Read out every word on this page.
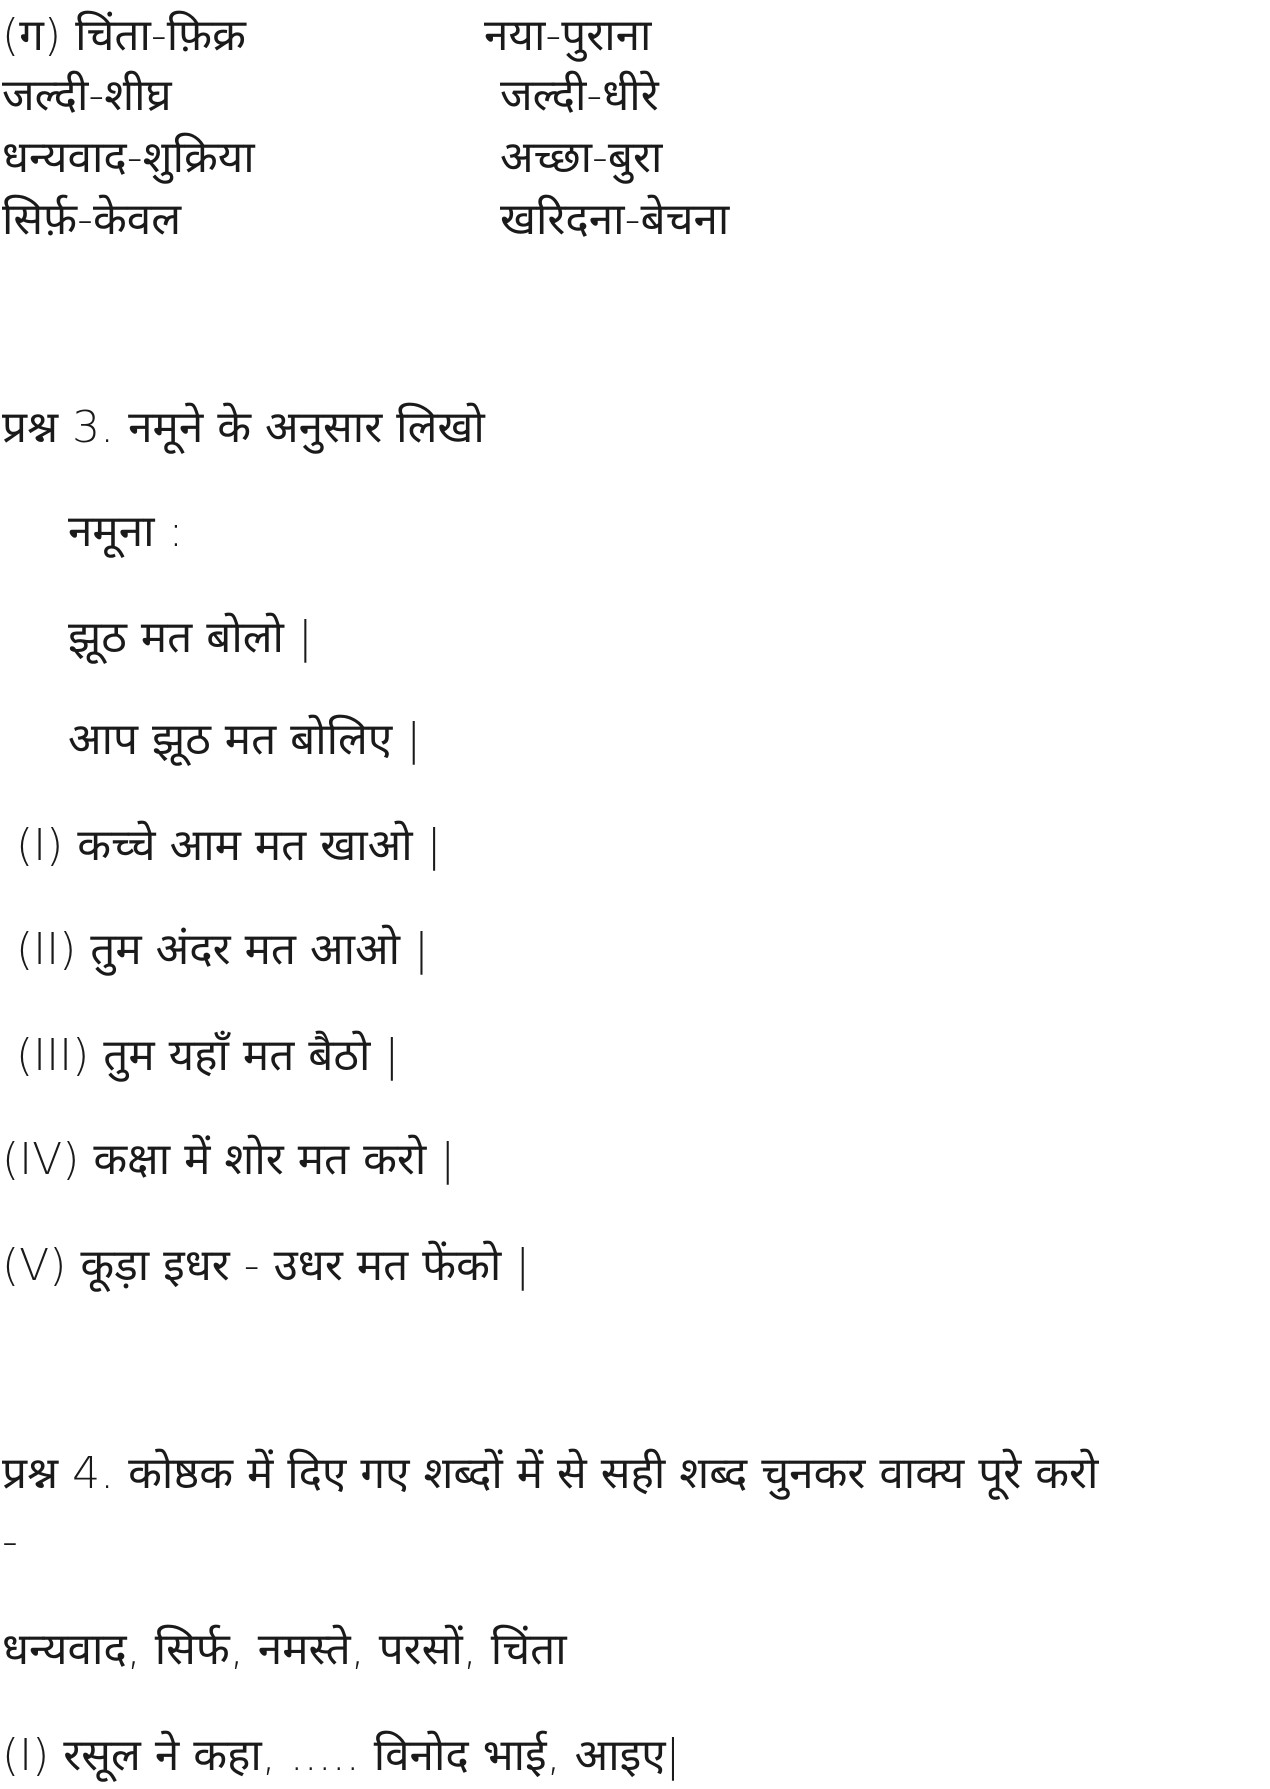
(ग) चिंता-फ़िक्र	नया-पुराना
जल्दी-शीघ्र	जल्दी-धीरे
धन्यवाद-शुक्रिया	अच्छा-बुरा
सिर्फ़-केवल	खरिदना-बेचना
प्रश्न 3. नमूने के अनुसार लिखो
नमूना :
झूठ मत बोलो |
आप झूठ मत बोलिए |
(I) कच्चे आम मत खाओ |
(II) तुम अंदर मत आओ |
(III) तुम यहाँ मत बैठो |
(IV) कक्षा में शोर मत करो |
(V) कूड़ा इधर - उधर मत फेंको |
प्रश्न 4. कोष्ठक में दिए गए शब्दों में से सही शब्द चुनकर वाक्य पूरे करो
-
धन्यवाद, सिर्फ, नमस्ते, परसों, चिंता
(I) रसूल ने कहा, ..... विनोद भाई, आइए|
